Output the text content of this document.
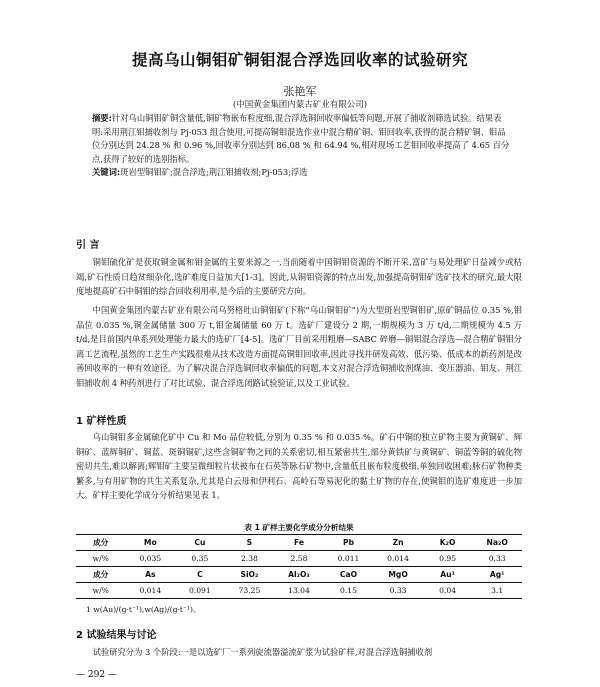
提高乌山铜钼矿铜钼混合浮选回收率的试验研究
张艳军
(中国黄金集团内蒙古矿业有限公司)
摘要:针对乌山铜钼矿铜含量低,铜矿物嵌布粒度细,混合浮选铜回收率偏低等问题,开展了捕收剂筛选试验。结果表明:采用荆江钼捕收剂与 Pj-053 组合使用,可提高铜钼混选作业中混合精矿铜、钼回收率,获得的混合精矿铜、钼品位分别达到 24.28 % 和 0.96 %,回收率分别达到 86.08 % 和 64.94 %,相对现场工艺钼回收率提高了 4.65 百分点,获得了较好的选别指标。
关键词:斑岩型铜钼矿;混合浮选;荆江钼捕收剂;Pj-053;浮选
引 言
铜钼硫化矿是获取铜金属和钼金属的主要来源之一,当前随着中国铜钼资源的不断开采,富矿与易处理矿日益减少或枯竭,矿石性质日趋贫细杂化,选矿难度日益加大[1-3]。因此,从铜钼资源的特点出发,加强提高铜钼矿选矿技术的研究,最大限度地提高矿石中铜钼的综合回收利用率,是今后的主要研究方向。
中国黄金集团内蒙古矿业有限公司乌努格吐山铜钼矿(下称“乌山铜钼矿”)为大型斑岩型铜钼矿,原矿铜品位 0.35 %,钼品位 0.035 %,铜金属储量 300 万 t,钼金属储量 60 万 t。选矿厂建设分 2 期,一期规模为 3 万 t/d,二期规模为 4.5 万 t/d,是目前国内单系列处理能力最大的选矿厂[4-5]。选矿厂目前采用粗磨—SABC 碎磨—铜钼混合浮选—混合精矿铜钼分离工艺流程,虽然的工艺生产实践很难从技术改造方面提高铜钼回收率,因此寻找并研发高效、低污染、低成本的新药剂是改善回收率的一种有效途径。为了解决混合浮选铜回收率偏低的问题,本文对混合浮选铜捕收剂煤油、变压器油、钼友、荆江钼捕收剂 4 种药剂进行了对比试验、混合浮选闭路试验验证,以及工业试验。
1 矿样性质
乌山铜钼多金属硫化矿中 Cu 和 Mo 品位较低,分别为 0.35 % 和 0.035 %。矿石中铜的独立矿物主要为黄铜矿、辉铜矿、蓝辉铜矿、铜蓝、斑铜铜矿,这些含铜矿物之间的关系密切,相互紧密共生,部分黄铁矿与黄铜矿、铜蓝等铜的硫化物密切共生,难以解离;辉钼矿主要呈微细粒片状被布在石英等脉石矿物中,含量低且嵌布粒度极细,单独回收困难;脉石矿物种类繁多,与有用矿物的共生关系复杂,尤其是白云母和伊利石、高岭石等易泥化的黏土矿物的存在,使铜钼的选矿难度进一步加大。矿样主要化学成分分析结果见表 1。
表 1 矿样主要化学成分分析结果
成分	Mo	Cu	S	Fe	Pb	Zn	K₂O	Na₂O
w/%	0.035	0.35	2.38	2.58	0.011	0.014	0.95	0.33
成分	As	C	SiO₂	Al₂O₃	CaO	MgO	Au¹	Ag¹
w/%	0.014	0.091	73.25	13.04	0.15	0.33	0.04	3.1
1 w(Au)/(g·t⁻¹),w(Ag)/(g·t⁻¹)。
2 试验结果与讨论
试验研究分为 3 个阶段:一是以选矿厂一系列旋流器溢流矿浆为试验矿样,对混合浮选铜捕收剂
— 292 —
